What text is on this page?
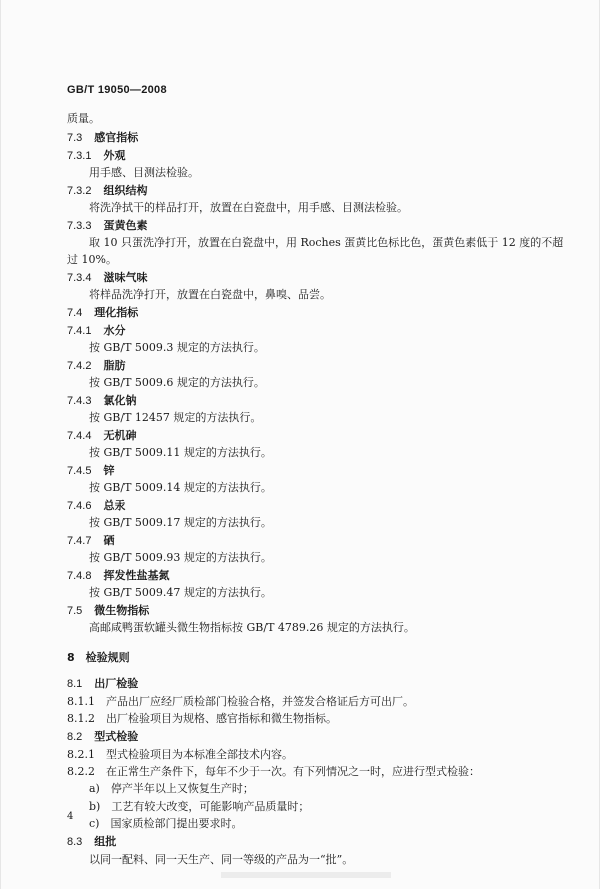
GB/T 19050—2008
质量。
7.3 感官指标
7.3.1 外观
用手感、目测法检验。
7.3.2 组织结构
将洗净拭干的样品打开，放置在白瓷盘中，用手感、目测法检验。
7.3.3 蛋黄色素
取 10 只蛋洗净打开，放置在白瓷盘中，用 Roches 蛋黄比色标比色，蛋黄色素低于 12 度的不超
过 10%。
7.3.4 滋味气味
将样品洗净打开，放置在白瓷盘中，鼻嗅、品尝。
7.4 理化指标
7.4.1 水分
按 GB/T 5009.3 规定的方法执行。
7.4.2 脂肪
按 GB/T 5009.6 规定的方法执行。
7.4.3 氯化钠
按 GB/T 12457 规定的方法执行。
7.4.4 无机砷
按 GB/T 5009.11 规定的方法执行。
7.4.5 锌
按 GB/T 5009.14 规定的方法执行。
7.4.6 总汞
按 GB/T 5009.17 规定的方法执行。
7.4.7 硒
按 GB/T 5009.93 规定的方法执行。
7.4.8 挥发性盐基氮
按 GB/T 5009.47 规定的方法执行。
7.5 微生物指标
高邮咸鸭蛋软罐头微生物指标按 GB/T 4789.26 规定的方法执行。
8　检验规则
8.1 出厂检验
8.1.1　产品出厂应经厂质检部门检验合格，并签发合格证后方可出厂。
8.1.2　出厂检验项目为规格、感官指标和微生物指标。
8.2 型式检验
8.2.1　型式检验项目为本标准全部技术内容。
8.2.2　在正常生产条件下，每年不少于一次。有下列情况之一时，应进行型式检验：
a)　停产半年以上又恢复生产时；
b)　工艺有较大改变，可能影响产品质量时；
c)　国家质检部门提出要求时。
8.3 组批
以同一配料、同一天生产、同一等级的产品为一“批”。
4
